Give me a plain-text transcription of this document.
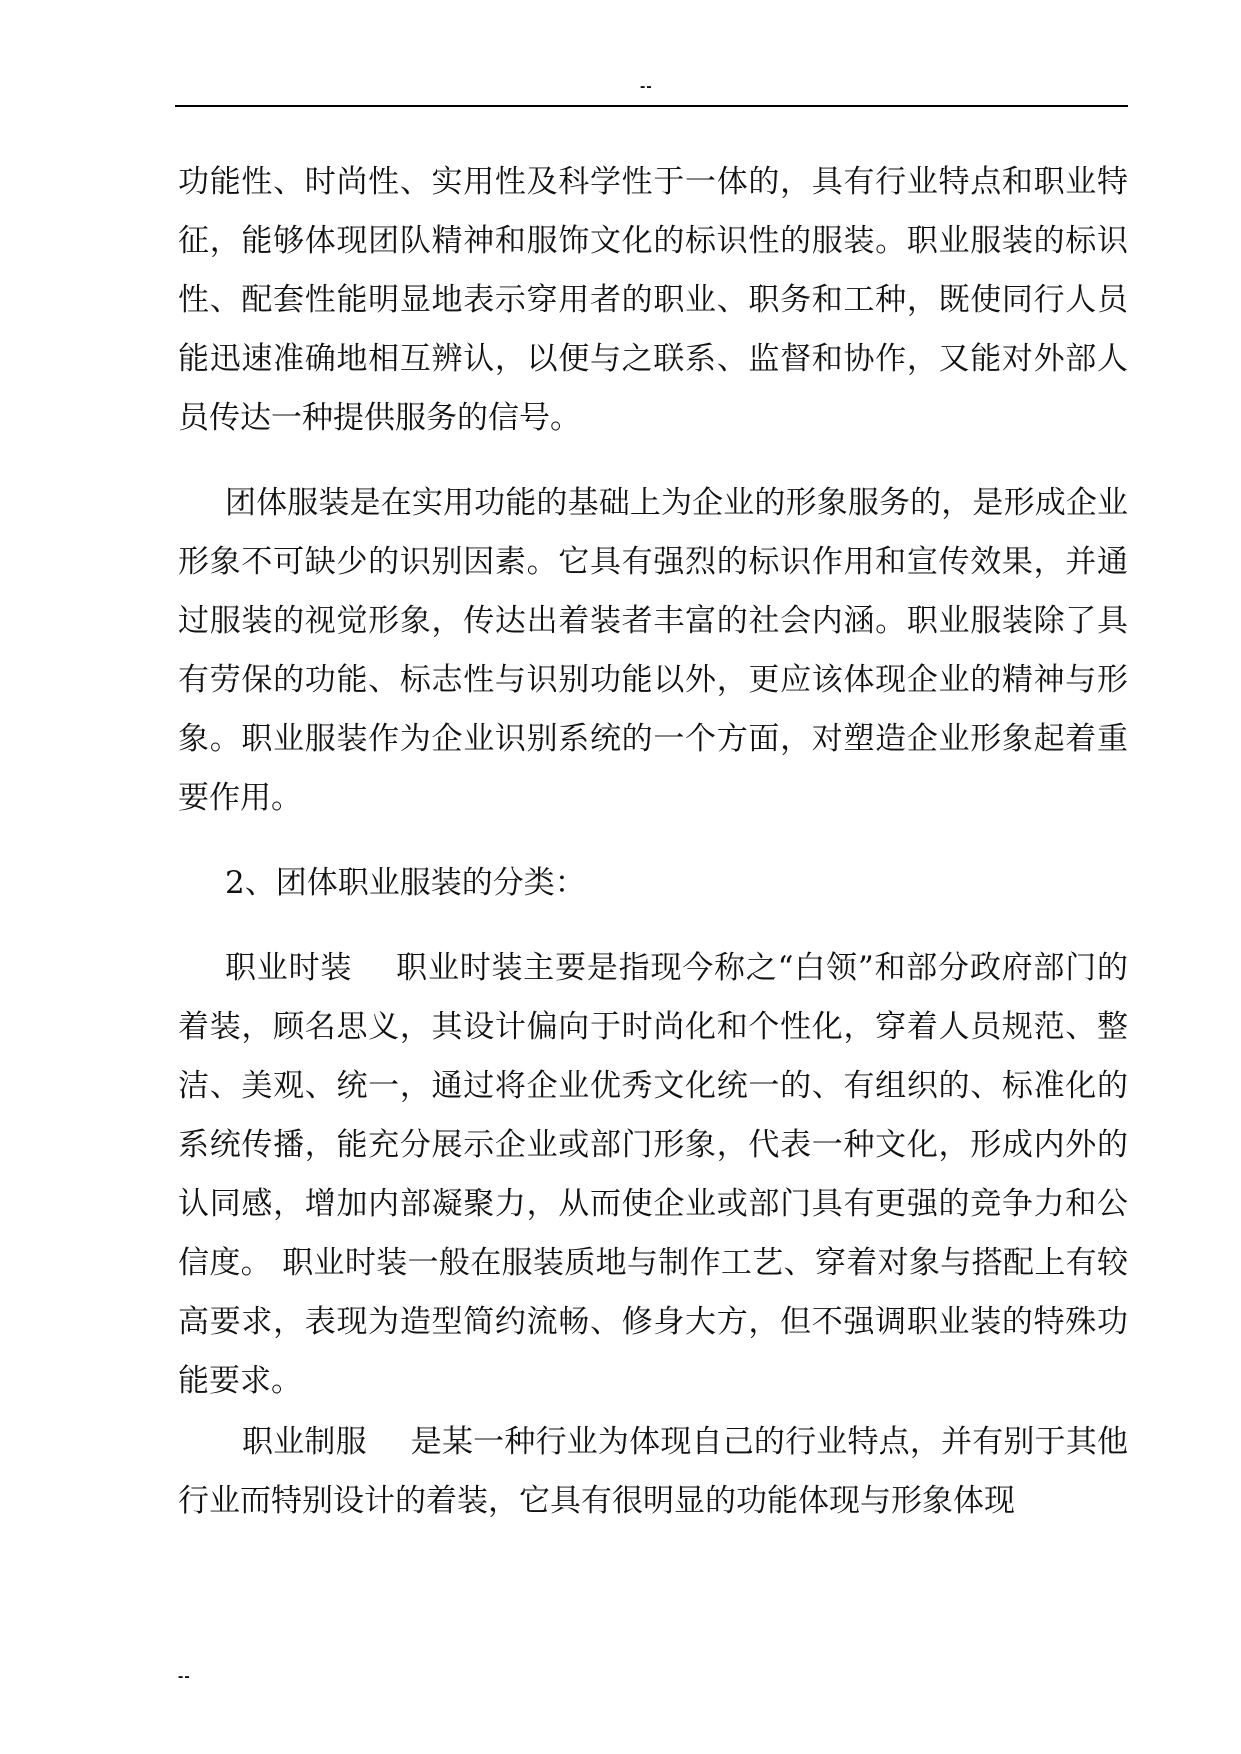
--

功能性、时尚性、实用性及科学性于一体的，具有行业特点和职业特征，能够体现团队精神和服饰文化的标识性的服装。职业服装的标识性、配套性能明显地表示穿用者的职业、职务和工种，既使同行人员能迅速准确地相互辨认，以便与之联系、监督和协作，又能对外部人员传达一种提供服务的信号。

团体服装是在实用功能的基础上为企业的形象服务的，是形成企业形象不可缺少的识别因素。它具有强烈的标识作用和宣传效果，并通过服装的视觉形象，传达出着装者丰富的社会内涵。职业服装除了具有劳保的功能、标志性与识别功能以外，更应该体现企业的精神与形象。职业服装作为企业识别系统的一个方面，对塑造企业形象起着重要作用。

2、团体职业服装的分类：

职业时装 职业时装主要是指现今称之“白领”和部分政府部门的着装，顾名思义，其设计偏向于时尚化和个性化，穿着人员规范、整洁、美观、统一，通过将企业优秀文化统一的、有组织的、标准化的系统传播，能充分展示企业或部门形象，代表一种文化，形成内外的认同感，增加内部凝聚力，从而使企业或部门具有更强的竞争力和公信度。 职业时装一般在服装质地与制作工艺、穿着对象与搭配上有较高要求，表现为造型简约流畅、修身大方，但不强调职业装的特殊功能要求。

职业制服 是某一种行业为体现自己的行业特点，并有别于其他行业而特别设计的着装，它具有很明显的功能体现与形象体现

--
